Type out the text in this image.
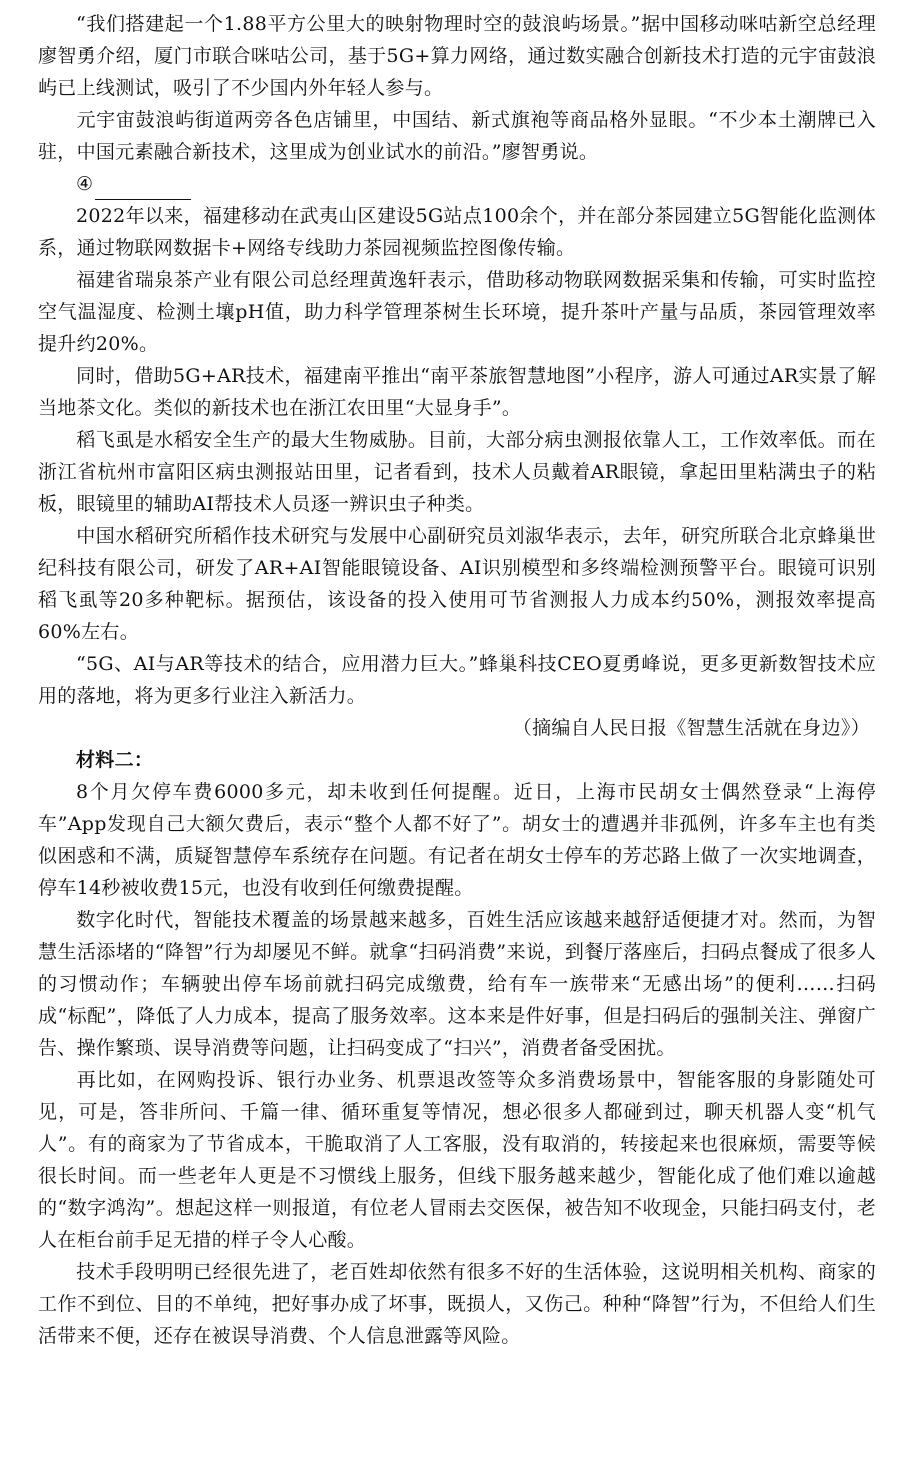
“我们搭建起一个1.88平方公里大的映射物理时空的鼓浪屿场景。”据中国移动咪咕新空总经理廖智勇介绍，厦门市联合咪咕公司，基于5G+算力网络，通过数实融合创新技术打造的元宇宙鼓浪屿已上线测试，吸引了不少国内外年轻人参与。

元宇宙鼓浪屿街道两旁各色店铺里，中国结、新式旗袍等商品格外显眼。“不少本土潮牌已入驻，中国元素融合新技术，这里成为创业试水的前沿。”廖智勇说。

④

2022年以来，福建移动在武夷山区建设5G站点100余个，并在部分茶园建立5G智能化监测体系，通过物联网数据卡+网络专线助力茶园视频监控图像传输。

福建省瑞泉茶产业有限公司总经理黄逸轩表示，借助移动物联网数据采集和传输，可实时监控空气温湿度、检测土壤pH值，助力科学管理茶树生长环境，提升茶叶产量与品质，茶园管理效率提升约20%。

同时，借助5G+AR技术，福建南平推出“南平茶旅智慧地图”小程序，游人可通过AR实景了解当地茶文化。类似的新技术也在浙江农田里“大显身手”。

稻飞虱是水稻安全生产的最大生物威胁。目前，大部分病虫测报依靠人工，工作效率低。而在浙江省杭州市富阳区病虫测报站田里，记者看到，技术人员戴着AR眼镜，拿起田里粘满虫子的粘板，眼镜里的辅助AI帮技术人员逐一辨识虫子种类。

中国水稻研究所稻作技术研究与发展中心副研究员刘淑华表示，去年，研究所联合北京蜂巢世纪科技有限公司，研发了AR+AI智能眼镜设备、AI识别模型和多终端检测预警平台。眼镜可识别稻飞虱等20多种靶标。据预估，该设备的投入使用可节省测报人力成本约50%，测报效率提高60%左右。

“5G、AI与AR等技术的结合，应用潜力巨大。”蜂巢科技CEO夏勇峰说，更多更新数智技术应用的落地，将为更多行业注入新活力。

（摘编自人民日报《智慧生活就在身边》）

材料二：

8个月欠停车费6000多元，却未收到任何提醒。近日，上海市民胡女士偶然登录“上海停车”App发现自己大额欠费后，表示“整个人都不好了”。胡女士的遭遇并非孤例，许多车主也有类似困惑和不满，质疑智慧停车系统存在问题。有记者在胡女士停车的芳芯路上做了一次实地调查，停车14秒被收费15元，也没有收到任何缴费提醒。

数字化时代，智能技术覆盖的场景越来越多，百姓生活应该越来越舒适便捷才对。然而，为智慧生活添堵的“降智”行为却屡见不鲜。就拿“扫码消费”来说，到餐厅落座后，扫码点餐成了很多人的习惯动作；车辆驶出停车场前就扫码完成缴费，给有车一族带来“无感出场”的便利……扫码成“标配”，降低了人力成本，提高了服务效率。这本来是件好事，但是扫码后的强制关注、弹窗广告、操作繁琐、误导消费等问题，让扫码变成了“扫兴”，消费者备受困扰。

再比如，在网购投诉、银行办业务、机票退改签等众多消费场景中，智能客服的身影随处可见，可是，答非所问、千篇一律、循环重复等情况，想必很多人都碰到过，聊天机器人变“机气人”。有的商家为了节省成本，干脆取消了人工客服，没有取消的，转接起来也很麻烦，需要等候很长时间。而一些老年人更是不习惯线上服务，但线下服务越来越少，智能化成了他们难以逾越的“数字鸿沟”。想起这样一则报道，有位老人冒雨去交医保，被告知不收现金，只能扫码支付，老人在柜台前手足无措的样子令人心酸。

技术手段明明已经很先进了，老百姓却依然有很多不好的生活体验，这说明相关机构、商家的工作不到位、目的不单纯，把好事办成了坏事，既损人，又伤己。种种“降智”行为，不但给人们生活带来不便，还存在被误导消费、个人信息泄露等风险。
